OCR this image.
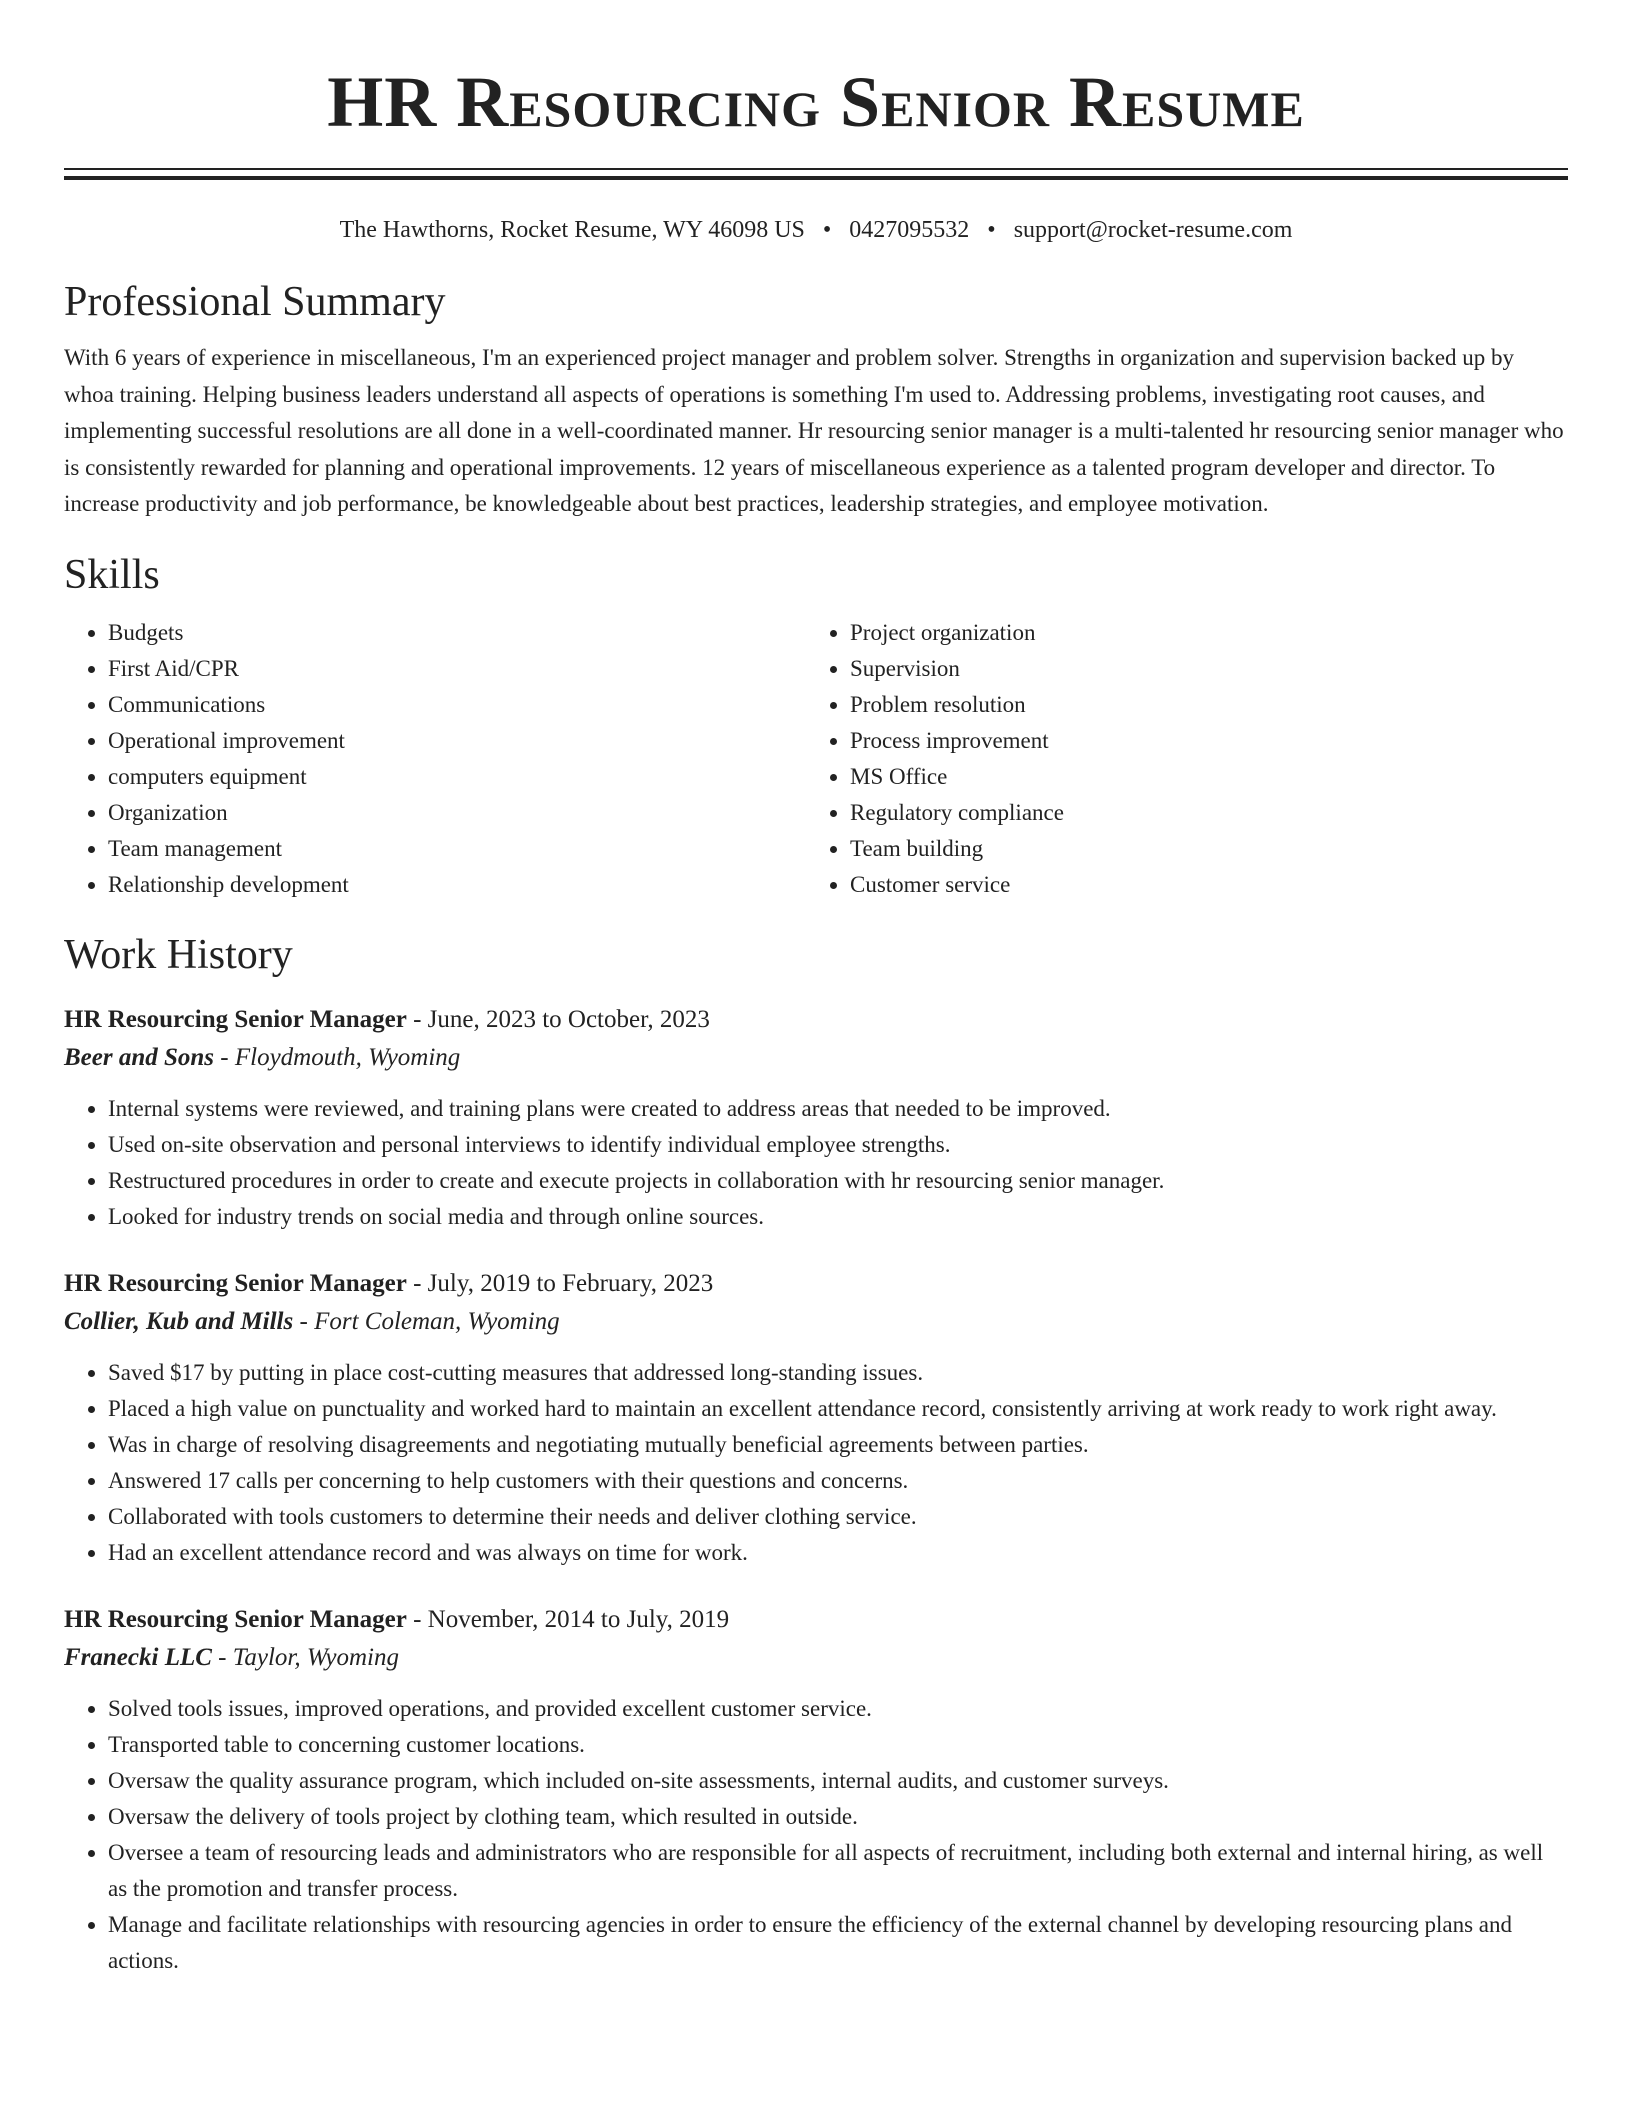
HR Resourcing Senior Resume
The Hawthorns, Rocket Resume, WY 46098 US • 0427095532 • support@rocket-resume.com
Professional Summary

With 6 years of experience in miscellaneous, I'm an experienced project manager and problem solver. Strengths in organization and supervision backed up by whoa training. Helping business leaders understand all aspects of operations is something I'm used to. Addressing problems, investigating root causes, and implementing successful resolutions are all done in a well-coordinated manner. Hr resourcing senior manager is a multi-talented hr resourcing senior manager who is consistently rewarded for planning and operational improvements. 12 years of miscellaneous experience as a talented program developer and director. To increase productivity and job performance, be knowledgeable about best practices, leadership strategies, and employee motivation.

Skills
• Budgets
• First Aid/CPR
• Communications
• Operational improvement
• computers equipment
• Organization
• Team management
• Relationship development
• Project organization
• Supervision
• Problem resolution
• Process improvement
• MS Office
• Regulatory compliance
• Team building
• Customer service
Work History
HR Resourcing Senior Manager - June, 2023 to October, 2023
Beer and Sons - Floydmouth, Wyoming
• Internal systems were reviewed, and training plans were created to address areas that needed to be improved.
• Used on-site observation and personal interviews to identify individual employee strengths.
• Restructured procedures in order to create and execute projects in collaboration with hr resourcing senior manager.
• Looked for industry trends on social media and through online sources.
HR Resourcing Senior Manager - July, 2019 to February, 2023
Collier, Kub and Mills - Fort Coleman, Wyoming
• Saved $17 by putting in place cost-cutting measures that addressed long-standing issues.
• Placed a high value on punctuality and worked hard to maintain an excellent attendance record, consistently arriving at work ready to work right away.
• Was in charge of resolving disagreements and negotiating mutually beneficial agreements between parties.
• Answered 17 calls per concerning to help customers with their questions and concerns.
• Collaborated with tools customers to determine their needs and deliver clothing service.
• Had an excellent attendance record and was always on time for work.
HR Resourcing Senior Manager - November, 2014 to July, 2019
Franecki LLC - Taylor, Wyoming
• Solved tools issues, improved operations, and provided excellent customer service.
• Transported table to concerning customer locations.
• Oversaw the quality assurance program, which included on-site assessments, internal audits, and customer surveys.
• Oversaw the delivery of tools project by clothing team, which resulted in outside.
• Oversee a team of resourcing leads and administrators who are responsible for all aspects of recruitment, including both external and internal hiring, as well as the promotion and transfer process.
• Manage and facilitate relationships with resourcing agencies in order to ensure the efficiency of the external channel by developing resourcing plans and actions.
